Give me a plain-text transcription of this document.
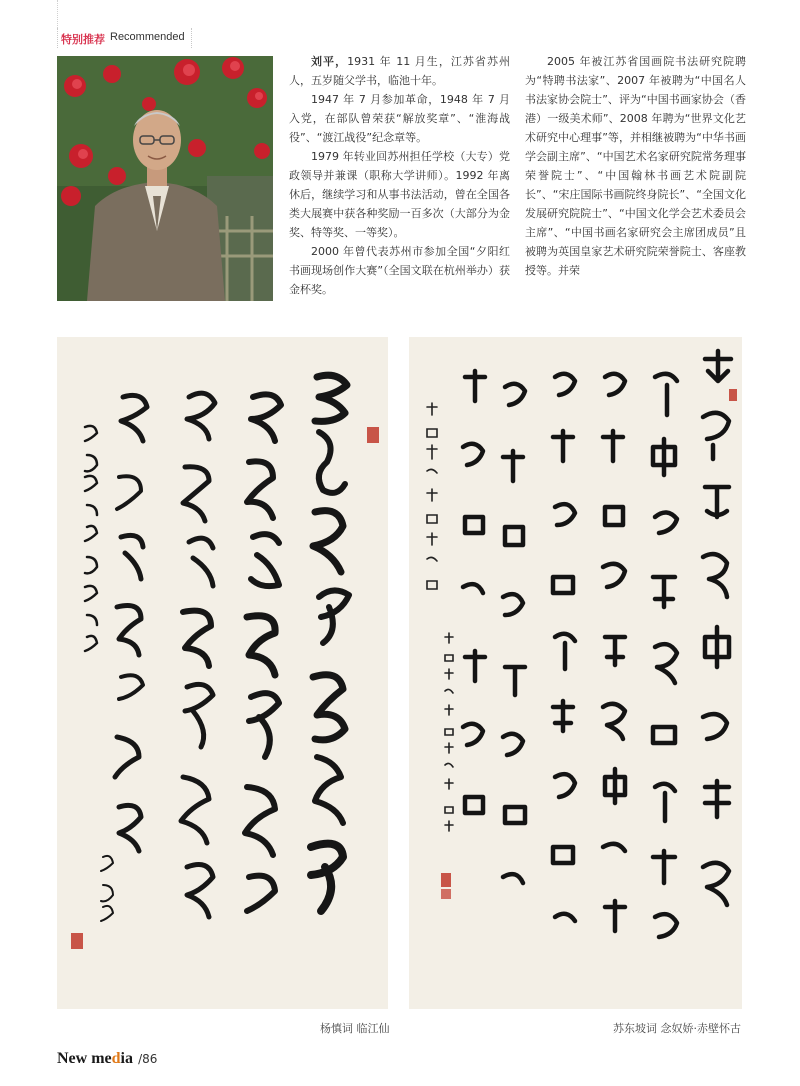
特别推荐 Recommended

刘平，1931 年 11 月生，江苏省苏州人，五岁随父学书，临池十年。

1947 年 7 月参加革命，1948 年 7 月入党，在部队曾荣获“解放奖章”、“淮海战役”、“渡江战役”纪念章等。

1979 年转业回苏州担任学校（大专）党政领导并兼课（职称大学讲师）。1992 年离休后，继续学习和从事书法活动，曾在全国各类大展赛中获各种奖励一百多次（大部分为金奖、特等奖、一等奖）。

2000 年曾代表苏州市参加全国“夕阳红书画现场创作大赛”（全国文联在杭州举办）获金杯奖。

2005 年被江苏省国画院书法研究院聘为“特聘书法家”、2007 年被聘为“中国名人书法家协会院士”、评为“中国书画家协会（香港）一级美术师”、2008 年聘为“世界文化艺术研究中心理事”等，并相继被聘为“中华书画学会副主席”、“中国艺术名家研究院常务理事荣誉院士”、“中国翰林书画艺术院副院长”、“宋庄国际书画院终身院长”、“全国文化发展研究院院士”、“中国文化学会艺术委员会主席”、“中国书画名家研究会主席团成员”且被聘为英国皇家艺术研究院荣誉院士、客座教授等。并荣

杨慎词 临江仙	苏东坡词 念奴娇·赤壁怀古
New media /86
